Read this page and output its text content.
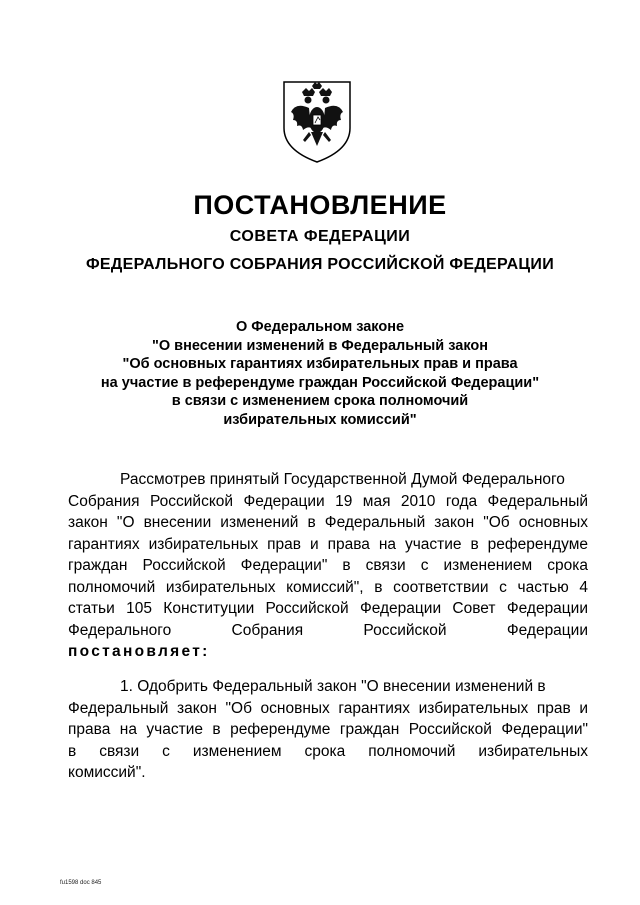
ПОСТАНОВЛЕНИЕ
СОВЕТА ФЕДЕРАЦИИ
ФЕДЕРАЛЬНОГО СОБРАНИЯ РОССИЙСКОЙ ФЕДЕРАЦИИ
О Федеральном законе
"О внесении изменений в Федеральный закон
"Об основных гарантиях избирательных прав и права
на участие в референдуме граждан Российской Федерации"
в связи с изменением срока полномочий
избирательных комиссий"
Рассмотрев принятый Государственной Думой Федерального
Собрания Российской Федерации 19 мая 2010 года Федеральный
закон "О внесении изменений в Федеральный закон "Об основных
гарантиях избирательных прав и права на участие в референдуме
граждан Российской Федерации" в связи с изменением срока
полномочий избирательных комиссий", в соответствии с частью 4
статьи 105 Конституции Российской Федерации Совет Федерации
Федерального Собрания Российской Федерации
постановляет:
1. Одобрить Федеральный закон "О внесении изменений в
Федеральный закон "Об основных гарантиях избирательных прав и
права на участие в референдуме граждан Российской Федерации"
в связи с изменением срока полномочий избирательных
комиссий".
fu1598 doc 845
